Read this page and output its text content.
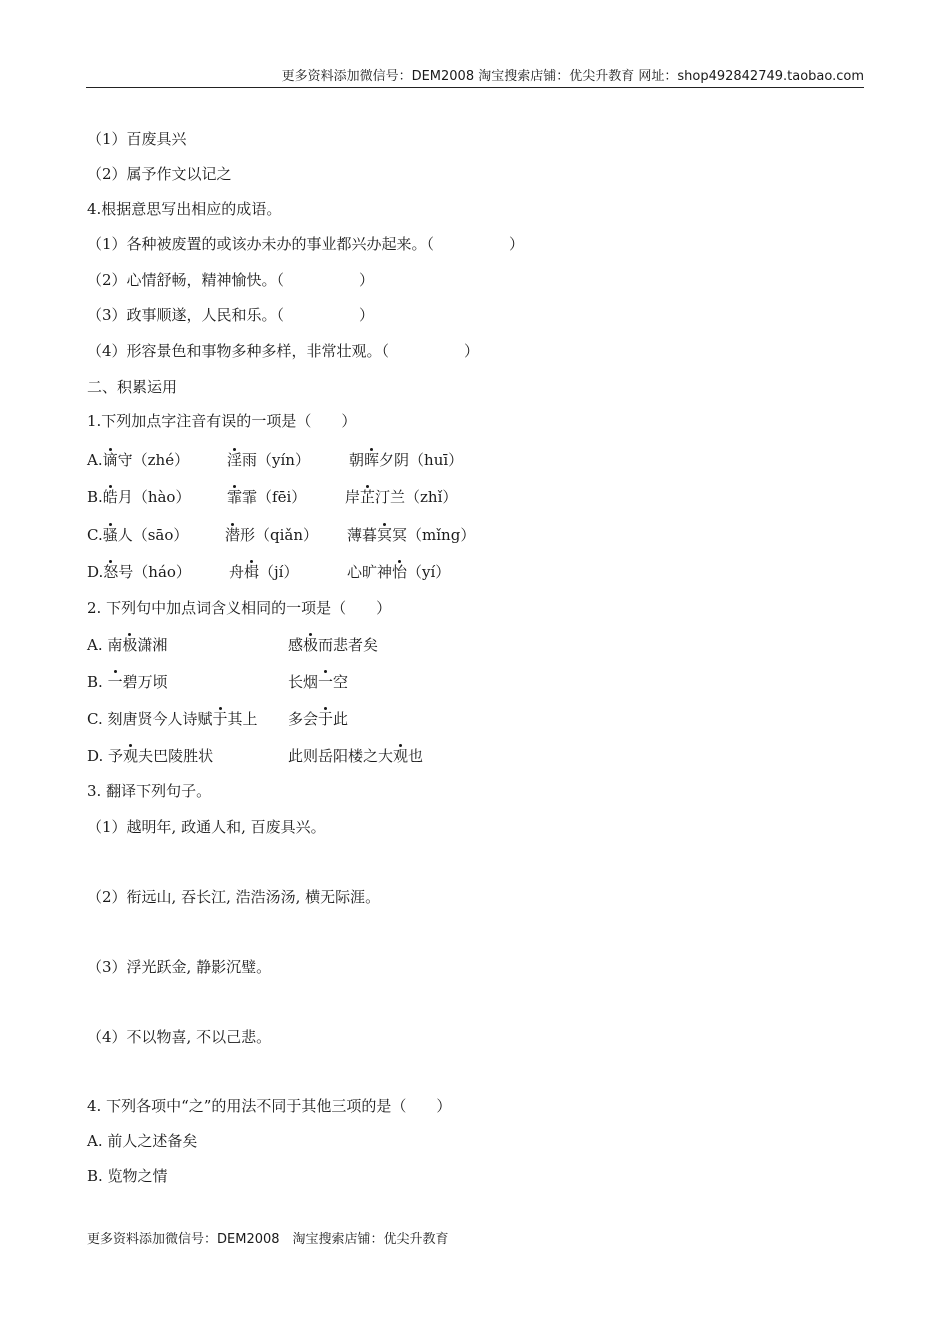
更多资料添加微信号：DEM2008 淘宝搜索店铺：优尖升教育 网址：shop492842749.taobao.com
（1）百废具兴
（2）属予作文以记之
4.根据意思写出相应的成语。
（1）各种被废置的或该办未办的事业都兴办起来。（　　　　　）
（2）心情舒畅，精神愉快。（　　　　　）
（3）政事顺遂，人民和乐。（　　　　　）
（4）形容景色和事物多种多样，非常壮观。（　　　　　）
二、积累运用
1.下列加点字注音有误的一项是（　　）
A.谪守（zhé）	淫雨（yín）	朝晖夕阴（huī）
B.皓月（hào） 霏霏（fēi）	岸芷汀兰（zhǐ）
C.骚人（sāo） 潜形（qiǎn） 薄暮冥冥（mǐng）
D.怒号（háo）	舟楫（jí）	心旷神怡（yí）
2. 下列句中加点词含义相同的一项是（　　）
A. 南极潇湘	感极而悲者矣
B. 一碧万顷	长烟一空
C. 刻唐贤今人诗赋于其上 多会于此
D. 予观夫巴陵胜状	此则岳阳楼之大观也
3. 翻译下列句子。
（1）越明年, 政通人和, 百废具兴。
（2）衔远山, 吞长江, 浩浩汤汤, 横无际涯。
（3）浮光跃金, 静影沉璧。
（4）不以物喜, 不以己悲。
4. 下列各项中“之”的用法不同于其他三项的是（　　）
A. 前人之述备矣
B. 览物之情
更多资料添加微信号：DEM2008　淘宝搜索店铺：优尖升教育
